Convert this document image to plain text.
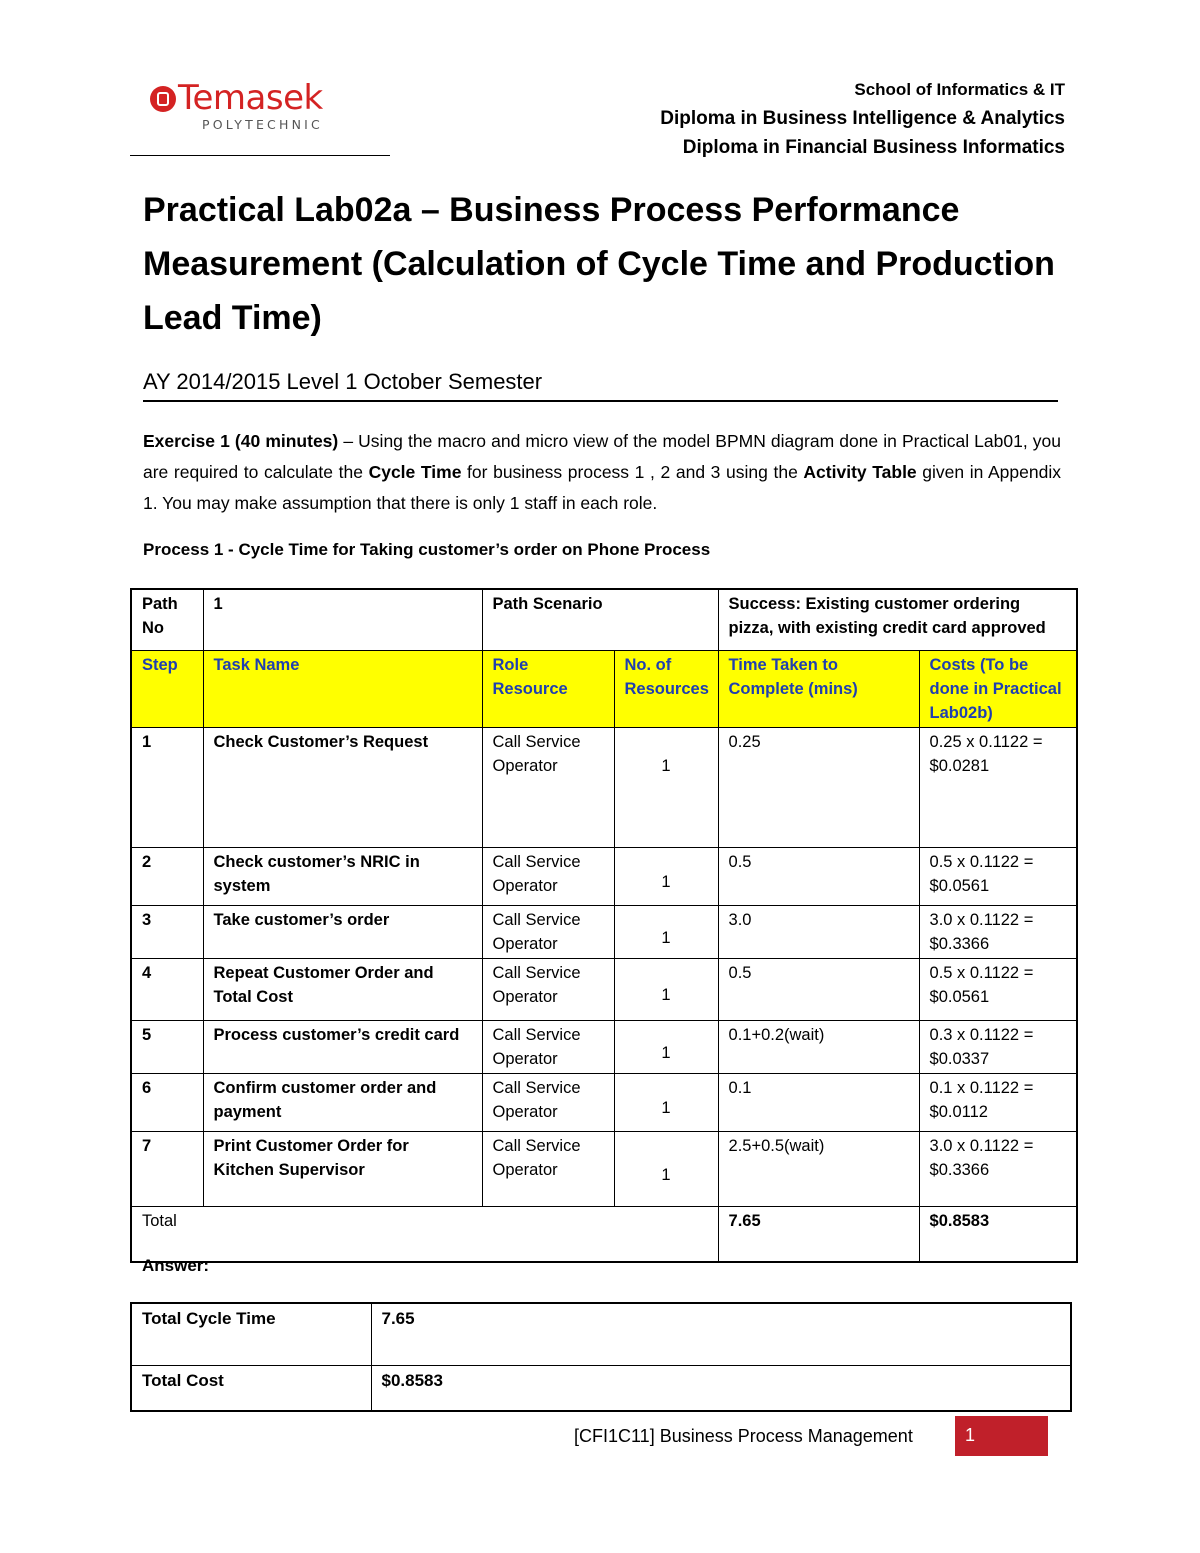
Temasek
POLYTECHNIC
School of Informatics & IT
Diploma in Business Intelligence & Analytics
Diploma in Financial Business Informatics
Practical Lab02a – Business Process Performance Measurement (Calculation of Cycle Time and Production Lead Time)
AY 2014/2015 Level 1 October Semester

Exercise 1 (40 minutes) – Using the macro and micro view of the model BPMN diagram done in Practical Lab01, you are required to calculate the Cycle Time for business process 1 , 2 and 3 using the Activity Table given in Appendix 1. You may make assumption that there is only 1 staff in each role.

Process 1 - Cycle Time for Taking customer’s order on Phone Process
Path No	1	Path Scenario		Success: Existing customer ordering pizza, with existing credit card approved	
Step	Task Name	Role Resource	No. of Resources	Time Taken to Complete (mins)	Costs (To be done in Practical Lab02b)
1	Check Customer’s Request	Call Service Operator	1	0.25	0.25 x 0.1122 = $0.0281
2	Check customer’s NRIC in system	Call Service Operator	1	0.5	0.5 x 0.1122 = $0.0561
3	Take customer’s order	Call Service Operator	1	3.0	3.0 x 0.1122 = $0.3366
4	Repeat Customer Order and Total Cost	Call Service Operator	1	0.5	0.5 x 0.1122 = $0.0561
5	Process customer’s credit card	Call Service Operator	1	0.1+0.2(wait)	0.3 x 0.1122 = $0.0337
6	Confirm customer order and payment	Call Service Operator	1	0.1	0.1 x 0.1122 = $0.0112
7	Print Customer Order for Kitchen Supervisor	Call Service Operator	1	2.5+0.5(wait)	3.0 x 0.1122 = $0.3366
Total				7.65	$0.8583
Answer:
Total Cycle Time	7.65
Total Cost	$0.8583
[CFI1C11] Business Process Management	1
